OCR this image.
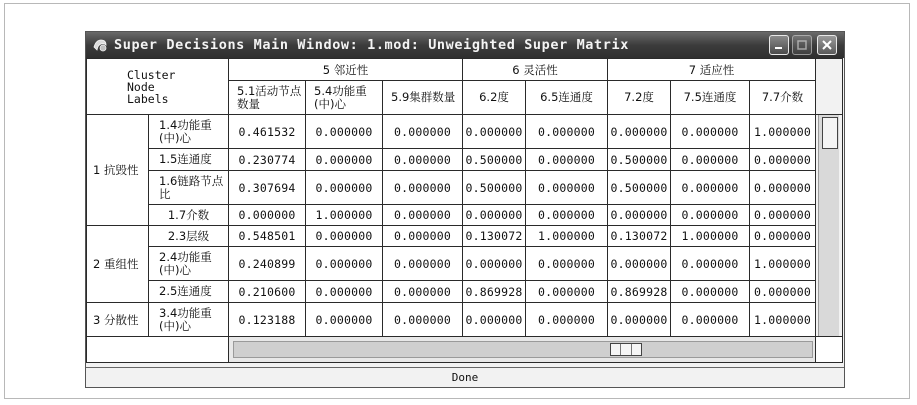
Super Decisions Main Window: 1.mod: Unweighted Super Matrix
Cluster
Node
Labels		5 邻近性			6 灵活性		7 适应性			
		5.1活动节点数量	5.4功能重(中)心	5.9集群数量	6.2度	6.5连通度	7.2度	7.5连通度	7.7介数	
1 抗毁性	1.4功能重(中)心	0.461532	0.000000	0.000000	0.000000	0.000000	0.000000	0.000000	1.000000	

	1.5连通度	0.230774	0.000000	0.000000	0.500000	0.000000	0.500000	0.000000	0.000000	
	1.6链路节点比	0.307694	0.000000	0.000000	0.500000	0.000000	0.500000	0.000000	0.000000	
	1.7介数	0.000000	1.000000	0.000000	0.000000	0.000000	0.000000	0.000000	0.000000	
2 重组性	2.3层级	0.548501	0.000000	0.000000	0.130072	1.000000	0.130072	1.000000	0.000000	
	2.4功能重(中)心	0.240899	0.000000	0.000000	0.000000	0.000000	0.000000	0.000000	1.000000	
	2.5连通度	0.210600	0.000000	0.000000	0.869928	0.000000	0.869928	0.000000	0.000000	
3 分散性	3.4功能重(中)心	0.123188	0.000000	0.000000	0.000000	0.000000	0.000000	0.000000	1.000000	

Done
